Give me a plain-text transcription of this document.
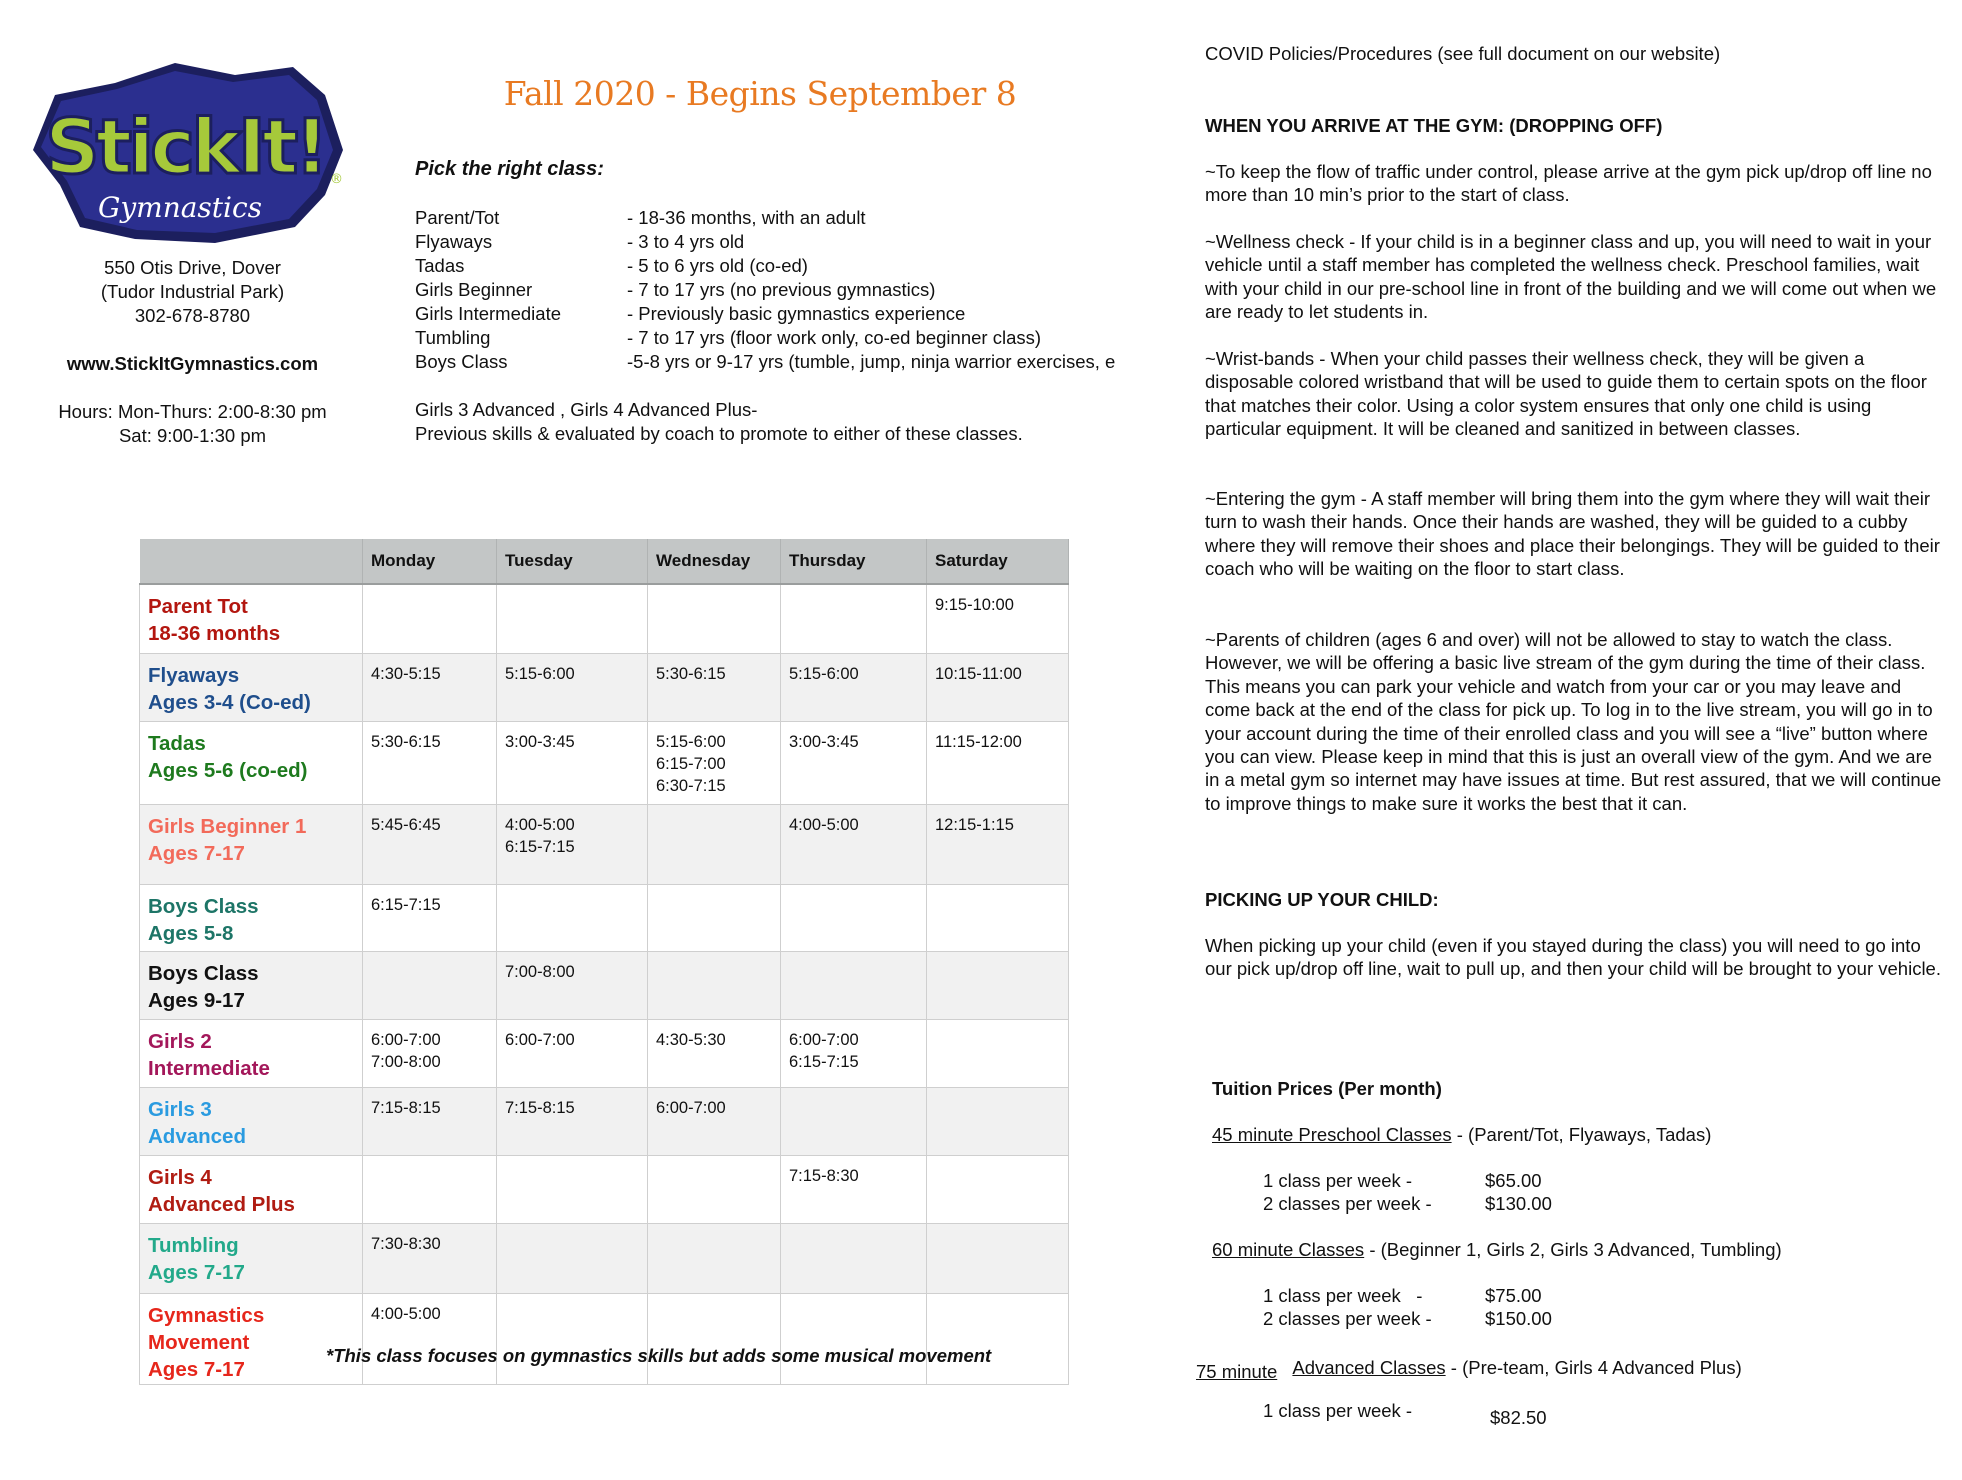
StickIt!
Gymnastics
®
550 Otis Drive, Dover
(Tudor Industrial Park)
302-678-8780
www.StickItGymnastics.com
Hours: Mon-Thurs: 2:00-8:30 pm
Sat: 9:00-1:30 pm
Fall 2020 - Begins September 8
Pick the right class:
Parent/Tot	- 18-36 months, with an adult
Flyaways	- 3 to 4 yrs old
Tadas	- 5 to 6 yrs old (co-ed)
Girls Beginner	- 7 to 17 yrs (no previous gymnastics)
Girls Intermediate	- Previously basic gymnastics experience
Tumbling	- 7 to 17 yrs (floor work only, co-ed beginner class)
Boys Class	-5-8 yrs or 9-17 yrs (tumble, jump, ninja warrior exercises, e
Girls 3 Advanced , Girls 4 Advanced Plus-
Previous skills & evaluated by coach to promote to either of these classes.
	Monday	Tuesday	Wednesday	Thursday	Saturday

Parent Tot
18-36 months					9:15-10:00

Flyaways
Ages 3-4 (Co-ed)	4:30-5:15	5:15-6:00	5:30-6:15	5:15-6:00	10:15-11:00

Tadas
Ages 5-6 (co-ed)	5:30-6:15	3:00-3:45	5:15-6:00
6:15-7:00
6:30-7:15	3:00-3:45	11:15-12:00

Girls Beginner 1
Ages 7-17	5:45-6:45	4:00-5:00
6:15-7:15		4:00-5:00	12:15-1:15

Boys Class
Ages 5-8	6:15-7:15				

Boys Class
Ages 9-17		7:00-8:00			

Girls 2
Intermediate	6:00-7:00
7:00-8:00	6:00-7:00	4:30-5:30	6:00-7:00
6:15-7:15	

Girls 3
Advanced	7:15-8:15	7:15-8:15	6:00-7:00		

Girls 4
Advanced Plus				7:15-8:30	

Tumbling
Ages 7-17	7:30-8:30				

Gymnastics
Movement
Ages 7-17	4:00-5:00				

*This class focuses on gymnastics skills but adds some musical movement
COVID Policies/Procedures (see full document on our website)
WHEN YOU ARRIVE AT THE GYM: (DROPPING OFF)
~To keep the flow of traffic under control, please arrive at the gym pick up/drop off line no more than 10 min’s prior to the start of class.
~Wellness check - If your child is in a beginner class and up, you will need to wait in your vehicle until a staff member has completed the wellness check. Preschool families, wait with your child in our pre-school line in front of the building and we will come out when we are ready to let students in.
~Wrist-bands - When your child passes their wellness check, they will be given a disposable colored wristband that will be used to guide them to certain spots on the floor that matches their color. Using a color system ensures that only one child is using particular equipment. It will be cleaned and sanitized in between classes.
~Entering the gym - A staff member will bring them into the gym where they will wait their turn to wash their hands. Once their hands are washed, they will be guided to a cubby where they will remove their shoes and place their belongings. They will be guided to their coach who will be waiting on the floor to start class.
~Parents of children (ages 6 and over) will not be allowed to stay to watch the class. However, we will be offering a basic live stream of the gym during the time of their class. This means you can park your vehicle and watch from your car or you may leave and come back at the end of the class for pick up. To log in to the live stream, you will go in to your account during the time of their enrolled class and you will see a “live” button where you can view. Please keep in mind that this is just an overall view of the gym. And we are in a metal gym so internet may have issues at time. But rest assured, that we will continue to improve things to make sure it works the best that it can.
PICKING UP YOUR CHILD:
When picking up your child (even if you stayed during the class) you will need to go into our pick up/drop off line, wait to pull up, and then your child will be brought to your vehicle.
Tuition Prices (Per month)
45 minute Preschool Classes - (Parent/Tot, Flyaways, Tadas)
1 class per week -	$65.00
2 classes per week -	$130.00
60 minute Classes - (Beginner 1, Girls 2, Girls 3 Advanced, Tumbling)
1 class per week   -	$75.00
2 classes per week -	$150.00
75 minute Advanced Classes - (Pre-team, Girls 4 Advanced Plus)
1 class per week -	$82.50
